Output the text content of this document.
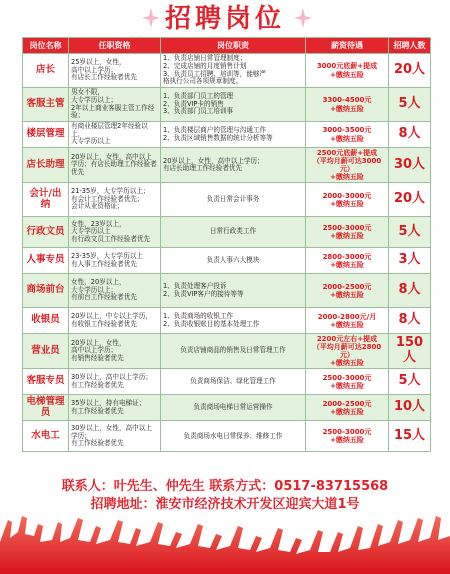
招聘岗位
岗位名称	任职资格	岗位职责	薪资待遇	招聘人数
店长	25岁以上，女性，
高中以上学历；
有店长工作经验者优先	1、负责店铺日常管理制度；
2、完成店铺的月度销售计划
3、负责员工招聘、培训等，能够严
格执行公司各项规章制度。	3000元底薪+提成
+缴纳五险	20人
客服主管	男女不限，
大专学历以上；
2年以上商业客服主管工作经验；	1、负责部门员工的管理
2、负责VIP卡的销售
3、负责部门员工培训事	3300-4500元
+缴纳五险	5人
楼层管理	有商业楼层管理2年经验以上，
大专学历以上	1、负责楼层商户的管理与沟通工作
2、负责区域销售数据的统计分析等等	3000-3500元
+缴纳五险	8人
店长助理	20岁以上，女性，高中以上
学历；有店长助理工作经验者
优先	20岁以上，女性，高中以上学历；
有店长助理工作经验者优先	2500元底薪+提成
（平均月薪可达3000元）
+缴纳五险	30人
会计/出纳	21-35岁，大专学历以上；
有会计工作经验者优先；
会计从业资格证；	负责日常会计事务	2000-3000元
+缴纳五险	20人
行政文员	女性，23岁以上，
大专学历以上
有行政文员工作经验者优先	日常行政类工作	2500-3000元
+缴纳五险	5人
人事专员	23-35岁，大专学历以上
有人事工作经验者优先	负责人事六大模块	2800-3000元
+缴纳五险	3人
商场前台	女性，20岁以上，
大专学历以上；
有前台工作经验者优先	1、负责处理客户投诉
2、负责VIP客户的接待等等	2000-2500元
+缴纳五险	8人
收银员	20岁以上，中专以上学历，
有收银工作经验者优先	1、负责商场的收银工作
2、负责收银账目的基本处理工作	2000-2800元/月
+缴纳五险	8人
营业员	20岁以上，女性，
高中以上学历；
有销售经验者优先	负责店铺商品的销售及日常管理工作	2200元左右+提成
（平均月薪可达2800元）
+缴纳五险	150人
客服专员	30岁以上，高中以上学历；
有工作经验者优先	负责商场保洁、绿化管理工作	2500-3000元
+缴纳五险	5人
电梯管理员	35岁以上，持有电梯证；
有工作经验者优先	负责商场电梯日常运营操作	2000-2500元
+缴纳五险	10人
水电工	30岁以上，女性，高中以上
学历；
有工作经验者优先	负责商场水电日常保养、维修工作	2500-3000元
+缴纳五险	15人
联系人：叶先生、仲先生 联系方式：0517-83715568
招聘地址：淮安市经济技术开发区迎宾大道1号
